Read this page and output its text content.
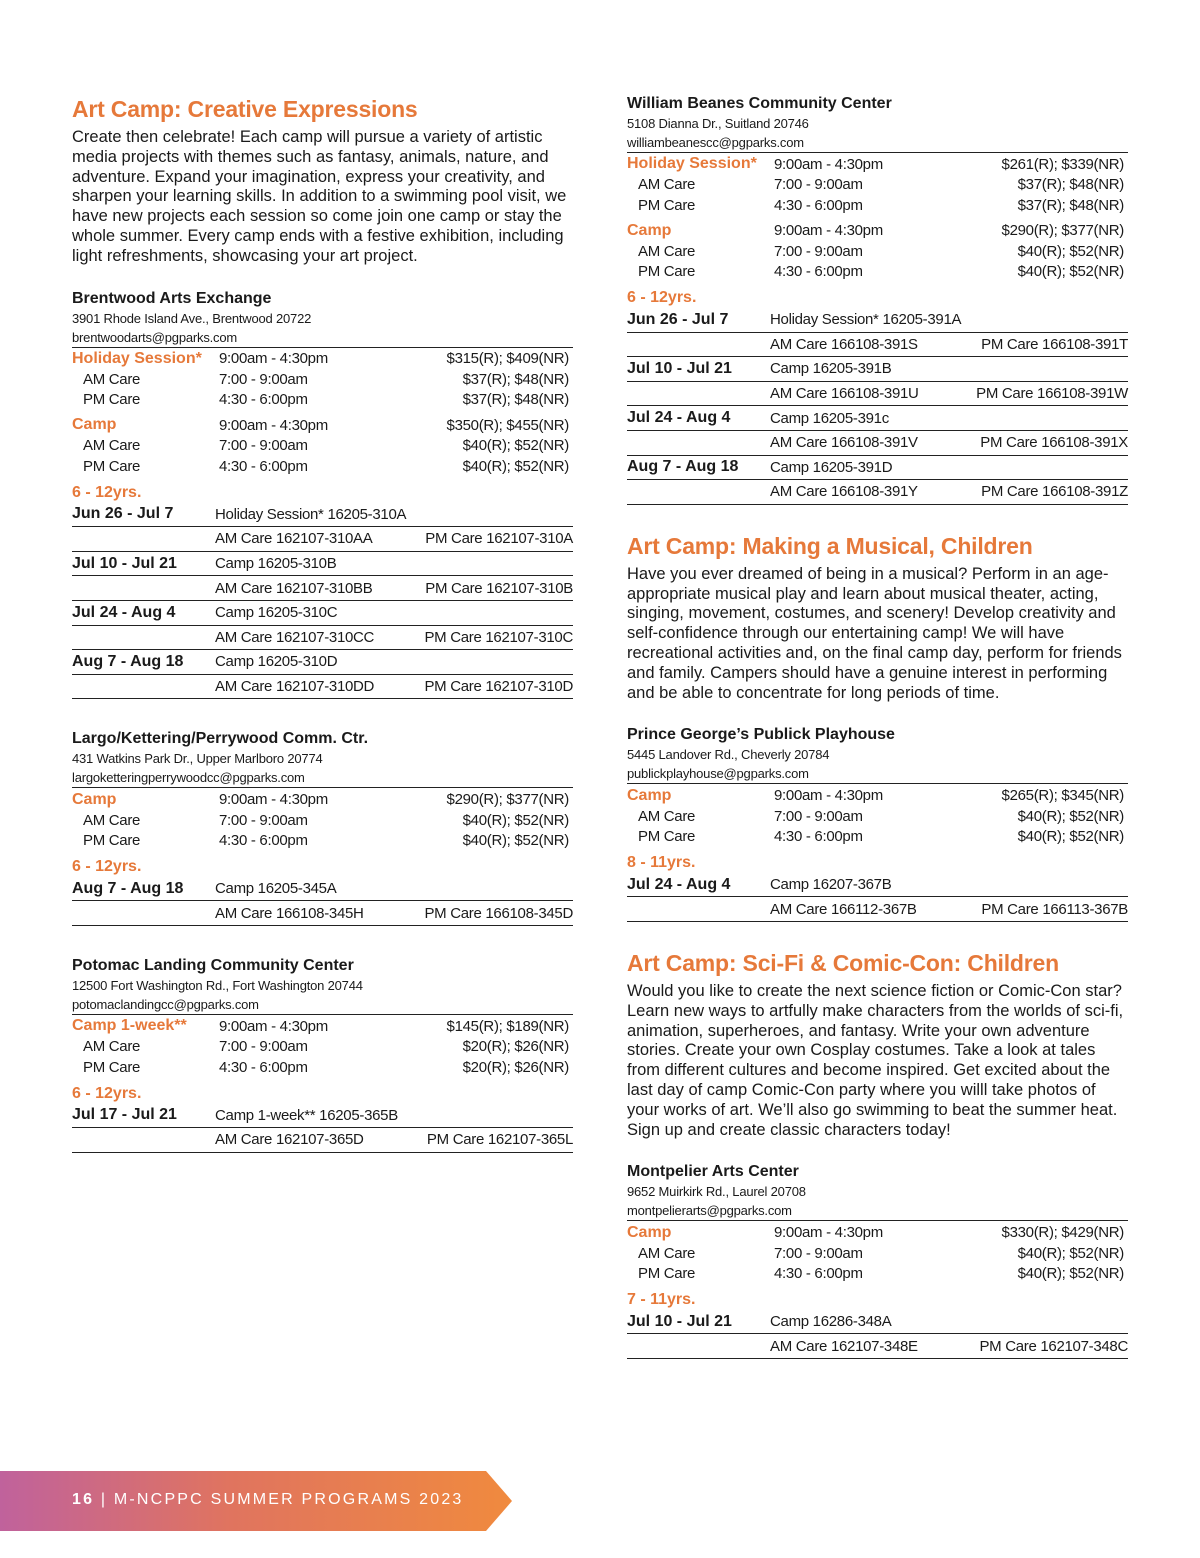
Art Camp: Creative Expressions

Create then celebrate! Each camp will pursue a variety of artistic media projects with themes such as fantasy, animals, nature, and adventure. Expand your imagination, express your creativity, and sharpen your learning skills. In addition to a swimming pool visit, we have new projects each session so come join one camp or stay the whole summer. Every camp ends with a festive exhibition, including light refreshments, showcasing your art project.

Brentwood Arts Exchange
3901 Rhode Island Ave., Brentwood 20722
brentwoodarts@pgparks.com
Holiday Session*	9:00am - 4:30pm	$315(R); $409(NR)
AM Care	7:00 - 9:00am	$37(R); $48(NR)
PM Care	4:30 - 6:00pm	$37(R); $48(NR)
Camp	9:00am - 4:30pm	$350(R); $455(NR)
AM Care	7:00 - 9:00am	$40(R); $52(NR)
PM Care	4:30 - 6:00pm	$40(R); $52(NR)
6 - 12yrs.
Jun 26 - Jul 7	Holiday Session* 16205-310A
AM Care 162107-310AA	PM Care 162107-310A
Jul 10 - Jul 21	Camp 16205-310B
AM Care 162107-310BB	PM Care 162107-310B
Jul 24 - Aug 4	Camp 16205-310C
AM Care 162107-310CC	PM Care 162107-310C
Aug 7 - Aug 18	Camp 16205-310D
AM Care 162107-310DD	PM Care 162107-310D
Largo/Kettering/Perrywood Comm. Ctr.
431 Watkins Park Dr., Upper Marlboro 20774
largoketteringperrywoodcc@pgparks.com
Camp	9:00am - 4:30pm	$290(R); $377(NR)
AM Care	7:00 - 9:00am	$40(R); $52(NR)
PM Care	4:30 - 6:00pm	$40(R); $52(NR)
6 - 12yrs.
Aug 7 - Aug 18	Camp 16205-345A
AM Care 166108-345H	PM Care 166108-345D
Potomac Landing Community Center
12500 Fort Washington Rd., Fort Washington 20744
potomaclandingcc@pgparks.com
Camp 1-week**	9:00am - 4:30pm	$145(R); $189(NR)
AM Care	7:00 - 9:00am	$20(R); $26(NR)
PM Care	4:30 - 6:00pm	$20(R); $26(NR)
6 - 12yrs.
Jul 17 - Jul 21	Camp 1-week** 16205-365B
AM Care 162107-365D	PM Care 162107-365L
William Beanes Community Center
5108 Dianna Dr., Suitland 20746
williambeanescc@pgparks.com
Holiday Session*	9:00am - 4:30pm	$261(R); $339(NR)
AM Care	7:00 - 9:00am	$37(R); $48(NR)
PM Care	4:30 - 6:00pm	$37(R); $48(NR)
Camp	9:00am - 4:30pm	$290(R); $377(NR)
AM Care	7:00 - 9:00am	$40(R); $52(NR)
PM Care	4:30 - 6:00pm	$40(R); $52(NR)
6 - 12yrs.
Jun 26 - Jul 7	Holiday Session* 16205-391A
AM Care 166108-391S	PM Care 166108-391T
Jul 10 - Jul 21	Camp 16205-391B
AM Care 166108-391U	PM Care 166108-391W
Jul 24 - Aug 4	Camp 16205-391c
AM Care 166108-391V	PM Care 166108-391X
Aug 7 - Aug 18	Camp 16205-391D
AM Care 166108-391Y	PM Care 166108-391Z
Art Camp: Making a Musical, Children

Have you ever dreamed of being in a musical? Perform in an age-appropriate musical play and learn about musical theater, acting, singing, movement, costumes, and scenery! Develop creativity and self-confidence through our entertaining camp! We will have recreational activities and, on the final camp day, perform for friends and family. Campers should have a genuine interest in performing and be able to concentrate for long periods of time.

Prince George’s Publick Playhouse
5445 Landover Rd., Cheverly 20784
publickplayhouse@pgparks.com
Camp	9:00am - 4:30pm	$265(R); $345(NR)
AM Care	7:00 - 9:00am	$40(R); $52(NR)
PM Care	4:30 - 6:00pm	$40(R); $52(NR)
8 - 11yrs.
Jul 24 - Aug 4	Camp 16207-367B
AM Care 166112-367B	PM Care 166113-367B
Art Camp: Sci-Fi & Comic-Con: Children

Would you like to create the next science fiction or Comic-Con star? Learn new ways to artfully make characters from the worlds of sci-fi, animation, superheroes, and fantasy. Write your own adventure stories. Create your own Cosplay costumes. Take a look at tales from different cultures and become inspired. Get excited about the last day of camp Comic-Con party where you willl take photos of your works of art. We’ll also go swimming to beat the summer heat. Sign up and create classic characters today!

Montpelier Arts Center
9652 Muirkirk Rd., Laurel 20708
montpelierarts@pgparks.com
Camp	9:00am - 4:30pm	$330(R); $429(NR)
AM Care	7:00 - 9:00am	$40(R); $52(NR)
PM Care	4:30 - 6:00pm	$40(R); $52(NR)
7 - 11yrs.
Jul 10 - Jul 21	Camp 16286-348A
AM Care 162107-348E	PM Care 162107-348C
16 | M-NCPPC SUMMER PROGRAMS 2023
